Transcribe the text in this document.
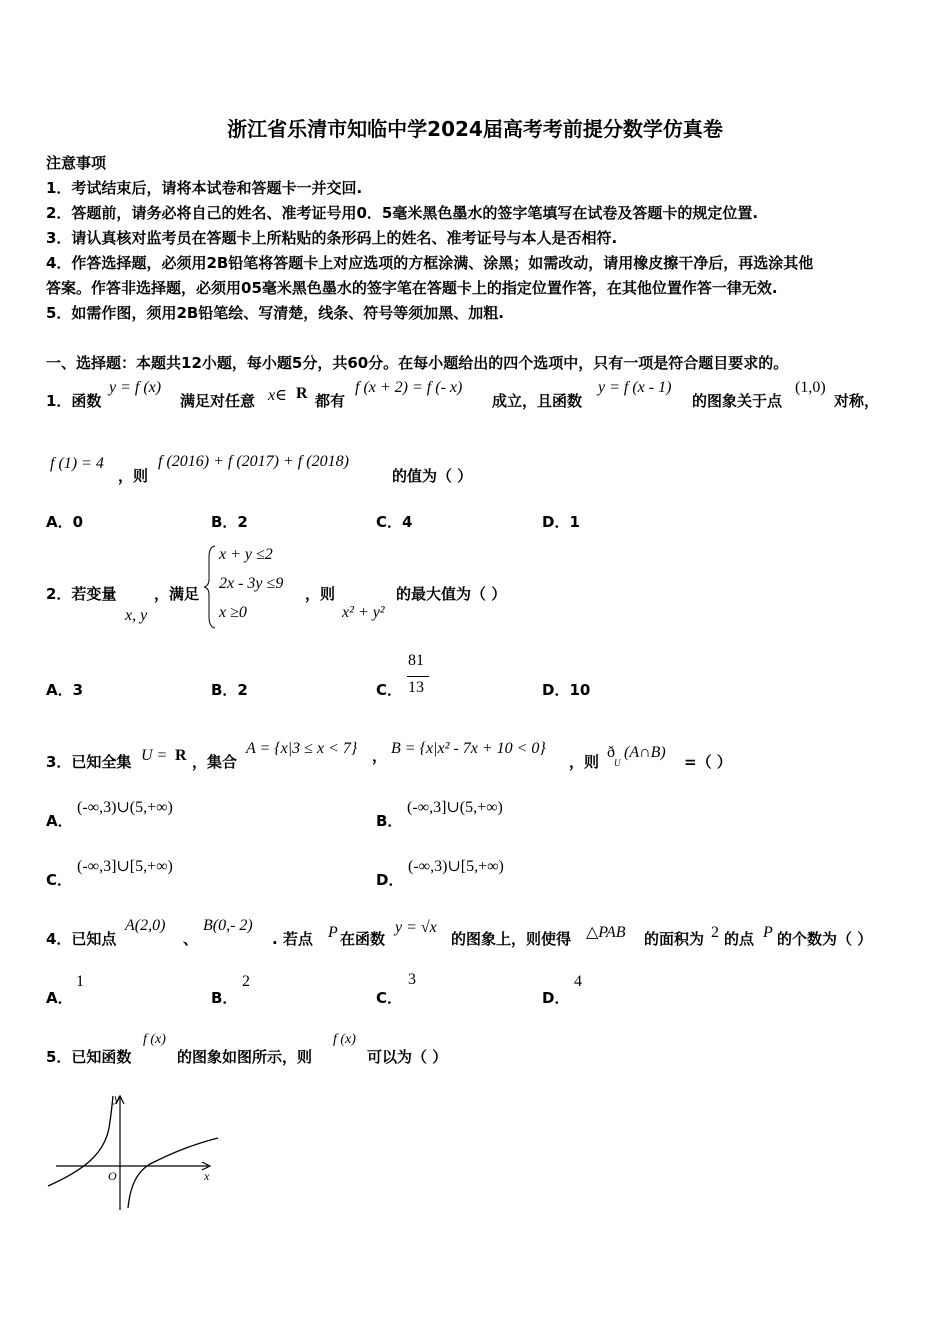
浙江省乐清市知临中学2024届高考考前提分数学仿真卷
注意事项
1．考试结束后，请将本试卷和答题卡一并交回.
2．答题前，请务必将自己的姓名、准考证号用0．5毫米黑色墨水的签字笔填写在试卷及答题卡的规定位置.
3．请认真核对监考员在答题卡上所粘贴的条形码上的姓名、准考证号与本人是否相符.
4．作答选择题，必须用2B铅笔将答题卡上对应选项的方框涂满、涂黑；如需改动，请用橡皮擦干净后，再选涂其他
答案。作答非选择题，必须用05毫米黑色墨水的签字笔在答题卡上的指定位置作答，在其他位置作答一律无效.
5．如需作图，须用2B铅笔绘、写清楚，线条、符号等须加黑、加粗.
一、选择题：本题共12小题，每小题5分，共60分。在每小题给出的四个选项中，只有一项是符合题目要求的。
1．函数
y = f (x)
满足对任意 x∈ R 都有
f (x + 2) = f (- x)
成立，且函数
y = f (x - 1)
的图象关于点
(1,0)
对称，
f (1) = 4
，则
f (2016) + f (2017) + f (2018)
的值为（ ）
A．0	B．2	C．4	D．1
2．若变量
x, y
，满足
x + y ≤2
2x - 3y ≤9
x ≥0
，则
x² + y²
的最大值为（ ）
A．3	B．2	C．
81
13	D．10
3．已知全集 U = R ，集合
A = {x|3 ≤ x < 7} ， B = {x|x² - 7x + 10 < 0}
，则
ð
U
(A∩B)
=（ ）
A．
(-∞,3)∪(5,+∞)
B．
(-∞,3]∪(5,+∞)
C．
(-∞,3]∪[5,+∞)
D．
(-∞,3)∪[5,+∞)
4．已知点
A(2,0)
、
B(0,- 2)
. 若点 P 在函数
y = √x
的图象上，则使得 △PAB 的面积为 2 的点 P 的个数为（ ）
A．
1
B．
2
C．
3
D．
4
5．已知函数
f (x)
的图象如图所示，则
f (x)
可以为（ ）
y
x
O
